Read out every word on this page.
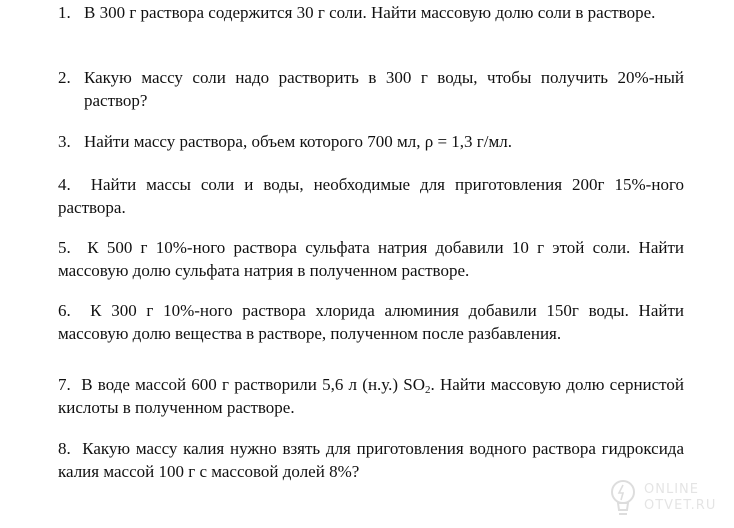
1. В 300 г раствора содержится 30 г соли. Найти массовую долю соли в растворе.
2. Какую массу соли надо растворить в 300 г воды, чтобы получить 20%-ный раствор?
3. Найти массу раствора, объем которого 700 мл, ρ = 1,3 г/мл.

4. Найти массы соли и воды, необходимые для приготовления 200г 15%-ного раствора.

5. К 500 г 10%-ного раствора сульфата натрия добавили 10 г этой соли. Найти массовую долю сульфата натрия в полученном растворе.

6. К 300 г 10%-ного раствора хлорида алюминия добавили 150г воды. Найти массовую долю вещества в растворе, полученном после разбавления.

7. В воде массой 600 г растворили 5,6 л (н.у.) $SO_2$. Найти массовую долю сернистой кислоты в полученном растворе.

8. Какую массу калия нужно взять для приготовления водного раствора гидроксида калия массой 100 г с массовой долей 8%?

ONLINE
OTVET.RU
